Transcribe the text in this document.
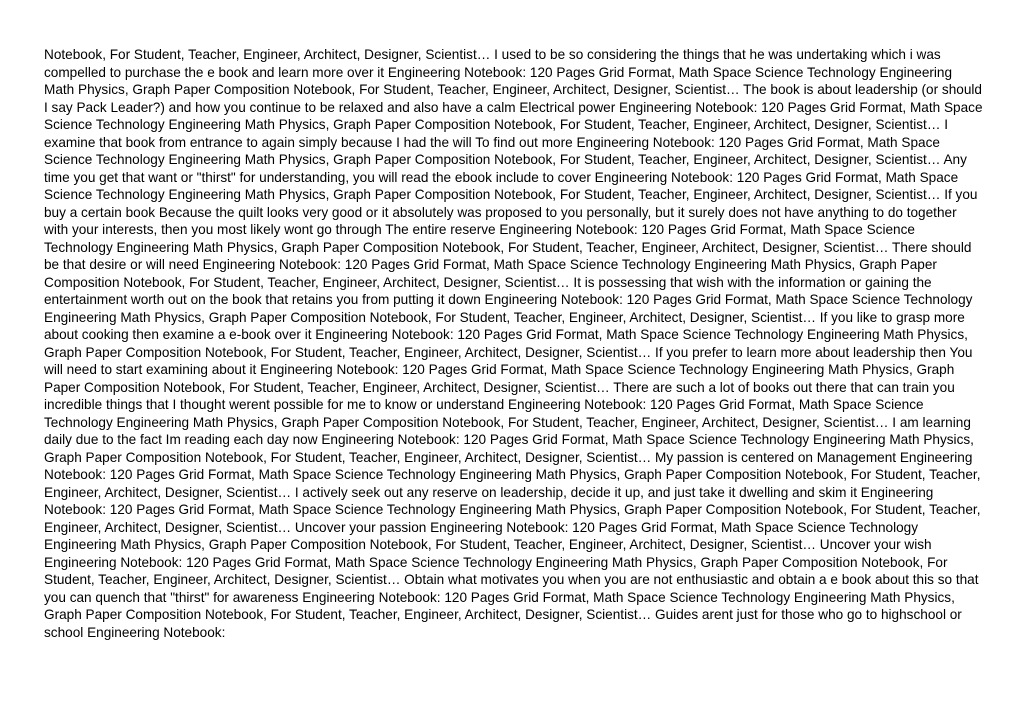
Notebook, For Student, Teacher, Engineer, Architect, Designer, Scientist… I used to be so considering the things that he was undertaking which i was compelled to purchase the e book and learn more over it Engineering Notebook: 120 Pages Grid Format, Math Space Science Technology Engineering Math Physics, Graph Paper Composition Notebook, For Student, Teacher, Engineer, Architect, Designer, Scientist… The book is about leadership (or should I say Pack Leader?) and how you continue to be relaxed and also have a calm Electrical power Engineering Notebook: 120 Pages Grid Format, Math Space Science Technology Engineering Math Physics, Graph Paper Composition Notebook, For Student, Teacher, Engineer, Architect, Designer, Scientist… I examine that book from entrance to again simply because I had the will To find out more Engineering Notebook: 120 Pages Grid Format, Math Space Science Technology Engineering Math Physics, Graph Paper Composition Notebook, For Student, Teacher, Engineer, Architect, Designer, Scientist… Any time you get that want or "thirst" for understanding, you will read the ebook include to cover Engineering Notebook: 120 Pages Grid Format, Math Space Science Technology Engineering Math Physics, Graph Paper Composition Notebook, For Student, Teacher, Engineer, Architect, Designer, Scientist… If you buy a certain book Because the quilt looks very good or it absolutely was proposed to you personally, but it surely does not have anything to do together with your interests, then you most likely wont go through The entire reserve Engineering Notebook: 120 Pages Grid Format, Math Space Science Technology Engineering Math Physics, Graph Paper Composition Notebook, For Student, Teacher, Engineer, Architect, Designer, Scientist… There should be that desire or will need Engineering Notebook: 120 Pages Grid Format, Math Space Science Technology Engineering Math Physics, Graph Paper Composition Notebook, For Student, Teacher, Engineer, Architect, Designer, Scientist… It is possessing that wish with the information or gaining the entertainment worth out on the book that retains you from putting it down Engineering Notebook: 120 Pages Grid Format, Math Space Science Technology Engineering Math Physics, Graph Paper Composition Notebook, For Student, Teacher, Engineer, Architect, Designer, Scientist… If you like to grasp more about cooking then examine a e-book over it Engineering Notebook: 120 Pages Grid Format, Math Space Science Technology Engineering Math Physics, Graph Paper Composition Notebook, For Student, Teacher, Engineer, Architect, Designer, Scientist… If you prefer to learn more about leadership then You will need to start examining about it Engineering Notebook: 120 Pages Grid Format, Math Space Science Technology Engineering Math Physics, Graph Paper Composition Notebook, For Student, Teacher, Engineer, Architect, Designer, Scientist… There are such a lot of books out there that can train you incredible things that I thought werent possible for me to know or understand Engineering Notebook: 120 Pages Grid Format, Math Space Science Technology Engineering Math Physics, Graph Paper Composition Notebook, For Student, Teacher, Engineer, Architect, Designer, Scientist… I am learning daily due to the fact Im reading each day now Engineering Notebook: 120 Pages Grid Format, Math Space Science Technology Engineering Math Physics, Graph Paper Composition Notebook, For Student, Teacher, Engineer, Architect, Designer, Scientist… My passion is centered on Management Engineering Notebook: 120 Pages Grid Format, Math Space Science Technology Engineering Math Physics, Graph Paper Composition Notebook, For Student, Teacher, Engineer, Architect, Designer, Scientist… I actively seek out any reserve on leadership, decide it up, and just take it dwelling and skim it Engineering Notebook: 120 Pages Grid Format, Math Space Science Technology Engineering Math Physics, Graph Paper Composition Notebook, For Student, Teacher, Engineer, Architect, Designer, Scientist… Uncover your passion Engineering Notebook: 120 Pages Grid Format, Math Space Science Technology Engineering Math Physics, Graph Paper Composition Notebook, For Student, Teacher, Engineer, Architect, Designer, Scientist… Uncover your wish Engineering Notebook: 120 Pages Grid Format, Math Space Science Technology Engineering Math Physics, Graph Paper Composition Notebook, For Student, Teacher, Engineer, Architect, Designer, Scientist… Obtain what motivates you when you are not enthusiastic and obtain a e book about this so that you can quench that "thirst" for awareness Engineering Notebook: 120 Pages Grid Format, Math Space Science Technology Engineering Math Physics, Graph Paper Composition Notebook, For Student, Teacher, Engineer, Architect, Designer, Scientist… Guides arent just for those who go to highschool or school Engineering Notebook:
